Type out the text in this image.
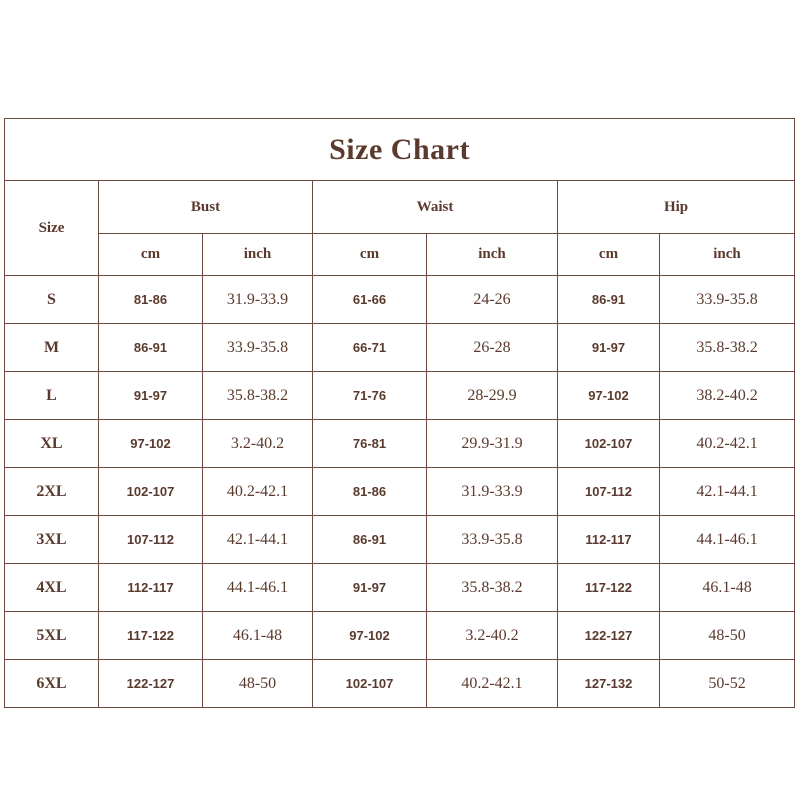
Size Chart						
Size	Bust		Waist		Hip	
	cm	inch	cm	inch	cm	inch
S	81-86	31.9-33.9	61-66	24-26	86-91	33.9-35.8
M	86-91	33.9-35.8	66-71	26-28	91-97	35.8-38.2
L	91-97	35.8-38.2	71-76	28-29.9	97-102	38.2-40.2
XL	97-102	3.2-40.2	76-81	29.9-31.9	102-107	40.2-42.1
2XL	102-107	40.2-42.1	81-86	31.9-33.9	107-112	42.1-44.1
3XL	107-112	42.1-44.1	86-91	33.9-35.8	112-117	44.1-46.1
4XL	112-117	44.1-46.1	91-97	35.8-38.2	117-122	46.1-48
5XL	117-122	46.1-48	97-102	3.2-40.2	122-127	48-50
6XL	122-127	48-50	102-107	40.2-42.1	127-132	50-52
